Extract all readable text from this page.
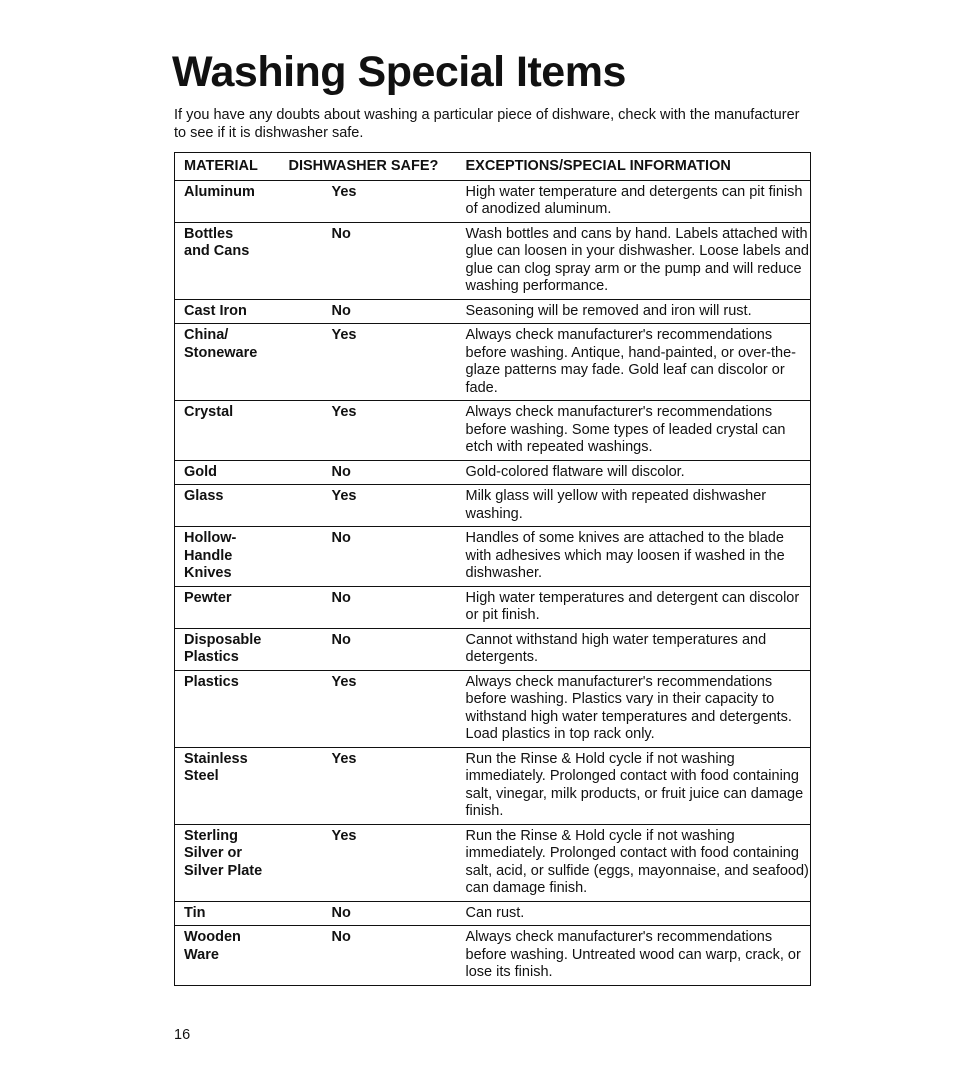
Washing Special Items
If you have any doubts about washing a particular piece of dishware, check with the manufacturer to see if it is dishwasher safe.
MATERIAL	DISHWASHER SAFE?	EXCEPTIONS/SPECIAL INFORMATION
Aluminum	Yes	High water temperature and detergents can pit finish of anodized aluminum.
Bottles
and Cans	No	Wash bottles and cans by hand. Labels attached with glue can loosen in your dishwasher. Loose labels and glue can clog spray arm or the pump and will reduce washing performance.
Cast Iron	No	Seasoning will be removed and iron will rust.
China/
Stoneware	Yes	Always check manufacturer's recommendations before washing. Antique, hand-painted, or over-the-glaze patterns may fade. Gold leaf can discolor or fade.
Crystal	Yes	Always check manufacturer's recommendations before washing. Some types of leaded crystal can etch with repeated washings.
Gold	No	Gold-colored flatware will discolor.
Glass	Yes	Milk glass will yellow with repeated dishwasher washing.
Hollow-
Handle
Knives	No	Handles of some knives are attached to the blade with adhesives which may loosen if washed in the dishwasher.
Pewter	No	High water temperatures and detergent can discolor or pit finish.
Disposable
Plastics	No	Cannot withstand high water temperatures and detergents.
Plastics	Yes	Always check manufacturer's recommendations before washing. Plastics vary in their capacity to withstand high water temperatures and detergents. Load plastics in top rack only.
Stainless
Steel	Yes	Run the Rinse & Hold cycle if not washing immediately. Prolonged contact with food containing salt, vinegar, milk products, or fruit juice can damage finish.
Sterling
Silver or
Silver Plate	Yes	Run the Rinse & Hold cycle if not washing immediately. Prolonged contact with food containing salt, acid, or sulfide (eggs, mayonnaise, and seafood) can damage finish.
Tin	No	Can rust.
Wooden
Ware	No	Always check manufacturer's recommendations before washing. Untreated wood can warp, crack, or lose its finish.
16
